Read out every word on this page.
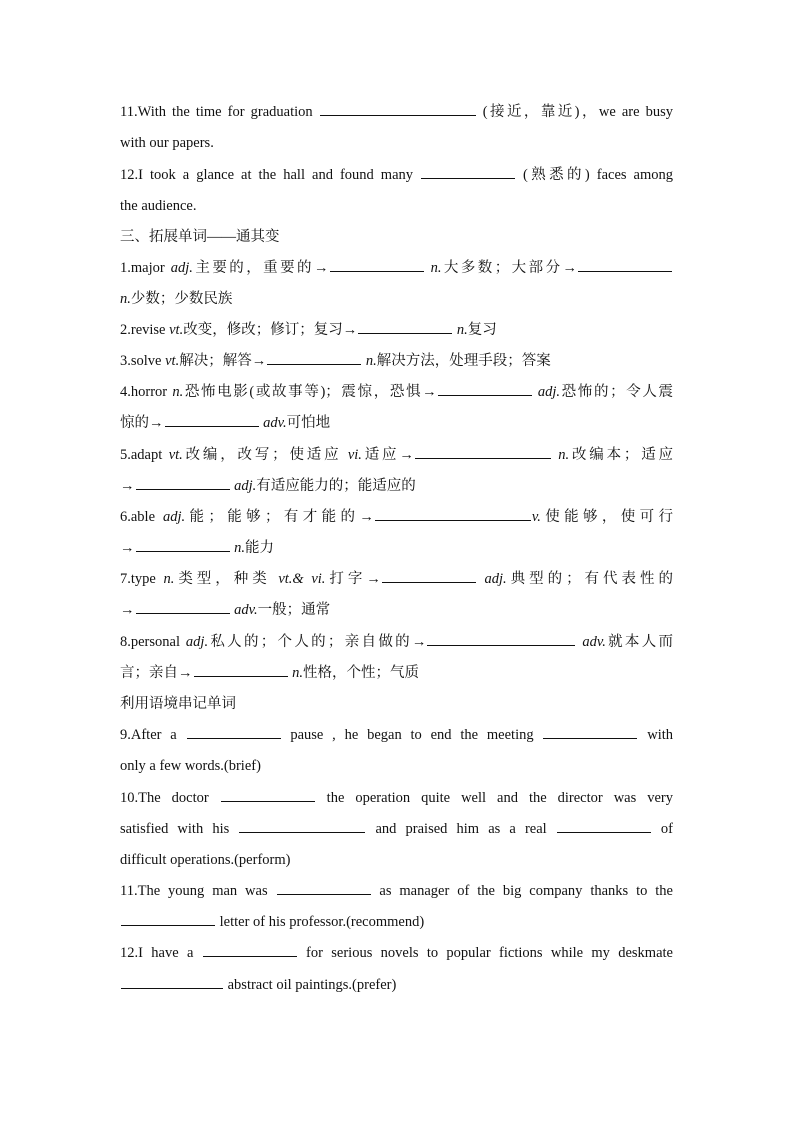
11.With the time for graduation	(接近，靠近)，we are busy
with our papers.
12.I took a glance at the hall and found many	(熟悉的) faces among
the audience.
三、拓展单词——通其变
1.major adj.主要的，重要的→	n.大多数；大部分→
n.少数；少数民族
2.revise vt.改变，修改；修订；复习→	n.复习
3.solve vt.解决；解答→	n.解决方法，处理手段；答案
4.horror n.恐怖电影(或故事等)；震惊，恐惧→	adj.恐怖的；令人震
惊的→	adv.可怕地
5.adapt vt.改编，改写；使适应 vi.适应→	n.改编本；适应
→	adj.有适应能力的；能适应的
6.able adj.能；能够；有才能的→	v.使能够，使可行
→	n.能力
7.type n.类型，种类 vt.& vi.打字→	adj.典型的；有代表性的
→	adv.一般；通常
8.personal adj.私人的；个人的；亲自做的→	adv.就本人而
言；亲自→	n.性格，个性；气质
利用语境串记单词
9.After a	pause , he began to end the meeting	with
only a few words.(brief)
10.The doctor	the operation quite well and the director was very
satisfied with his	and praised him as a real	of
difficult operations.(perform)
11.The young man was	as manager of the big company thanks to the
letter of his professor.(recommend)
12.I have a	for serious novels to popular fictions while my deskmate
abstract oil paintings.(prefer)
